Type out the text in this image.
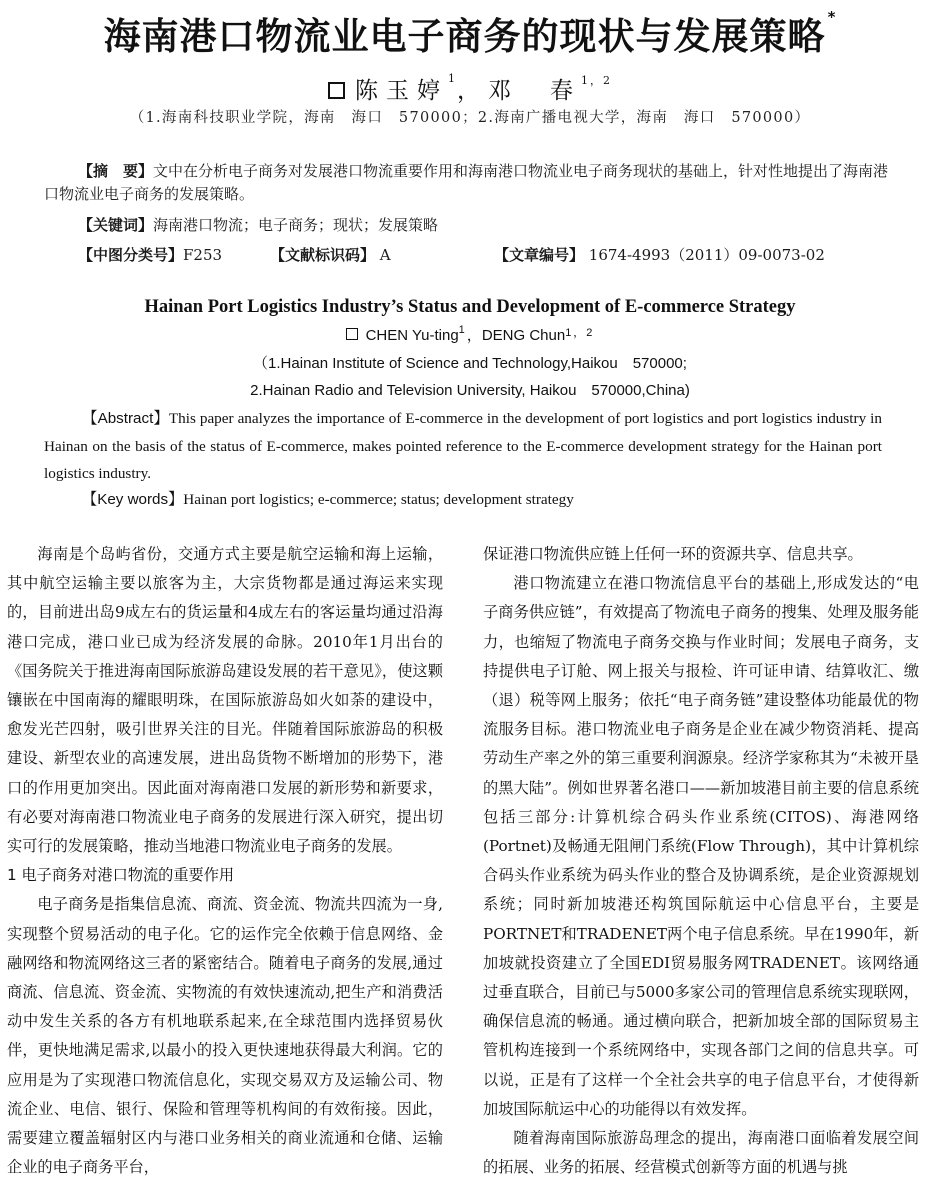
海南港口物流业电子商务的现状与发展策略 *
陈玉婷$^1$，邓　春$^{1,2}$
（1.海南科技职业学院，海南　海口　570000；2.海南广播电视大学，海南　海口　570000）
【摘　要】文中在分析电子商务对发展港口物流重要作用和海南港口物流业电子商务现状的基础上，针对性地提出了海南港口物流业电子商务的发展策略。
【关键词】海南港口物流；电子商务；现状；发展策略
【中图分类号】F253	【文献标识码】 A	【文章编号】 1674-4993（2011）09-0073-02
Hainan Port Logistics Industry’s Status and Development of E-commerce Strategy
CHEN Yu-ting$^1$，DENG Chun$^{1,2}$
（1.Hainan Institute of Science and Technology,Haikou　570000;
2.Hainan Radio and Television University, Haikou　570000,China)
【Abstract】This paper analyzes the importance of E-commerce in the development of port logistics and port logistics industry in Hainan on the basis of the status of E-commerce, makes pointed reference to the E-commerce development strategy for the Hainan port logistics industry.
【Key words】Hainan port logistics; e-commerce; status; development strategy

海南是个岛屿省份，交通方式主要是航空运输和海上运输，其中航空运输主要以旅客为主，大宗货物都是通过海运来实现的，目前进出岛9成左右的货运量和4成左右的客运量均通过沿海港口完成，港口业已成为经济发展的命脉。2010年1月出台的《国务院关于推进海南国际旅游岛建设发展的若干意见》，使这颗镶嵌在中国南海的耀眼明珠，在国际旅游岛如火如荼的建设中，愈发光芒四射，吸引世界关注的目光。伴随着国际旅游岛的积极建设、新型农业的高速发展，进出岛货物不断增加的形势下，港口的作用更加突出。因此面对海南港口发展的新形势和新要求，有必要对海南港口物流业电子商务的发展进行深入研究，提出切实可行的发展策略，推动当地港口物流业电子商务的发展。

1 电子商务对港口物流的重要作用

电子商务是指集信息流、商流、资金流、物流共四流为一身,实现整个贸易活动的电子化。它的运作完全依赖于信息网络、金融网络和物流网络这三者的紧密结合。随着电子商务的发展,通过商流、信息流、资金流、实物流的有效快速流动,把生产和消费活动中发生关系的各方有机地联系起来,在全球范围内选择贸易伙伴，更快地满足需求,以最小的投入更快速地获得最大利润。它的应用是为了实现港口物流信息化，实现交易双方及运输公司、物流企业、电信、银行、保险和管理等机构间的有效衔接。因此，需要建立覆盖辐射区内与港口业务相关的商业流通和仓储、运输企业的电子商务平台，

保证港口物流供应链上任何一环的资源共享、信息共享。

港口物流建立在港口物流信息平台的基础上,形成发达的“电子商务供应链”，有效提高了物流电子商务的搜集、处理及服务能力，也缩短了物流电子商务交换与作业时间；发展电子商务，支持提供电子订舱、网上报关与报检、许可证申请、结算收汇、缴（退）税等网上服务；依托“电子商务链”建设整体功能最优的物流服务目标。港口物流业电子商务是企业在减少物资消耗、提高劳动生产率之外的第三重要利润源泉。经济学家称其为“未被开垦的黑大陆”。例如世界著名港口——新加坡港目前主要的信息系统包括三部分:计算机综合码头作业系统(CITOS)、海港网络(Portnet)及畅通无阻闸门系统(Flow Through)，其中计算机综合码头作业系统为码头作业的整合及协调系统，是企业资源规划系统；同时新加坡港还构筑国际航运中心信息平台，主要是PORTNET和TRADENET两个电子信息系统。早在1990年，新加坡就投资建立了全国EDI贸易服务网TRADENET。该网络通过垂直联合，目前已与5000多家公司的管理信息系统实现联网，确保信息流的畅通。通过横向联合，把新加坡全部的国际贸易主管机构连接到一个系统网络中，实现各部门之间的信息共享。可以说，正是有了这样一个全社会共享的电子信息平台，才使得新加坡国际航运中心的功能得以有效发挥。

随着海南国际旅游岛理念的提出，海南港口面临着发展空间的拓展、业务的拓展、经营模式创新等方面的机遇与挑
